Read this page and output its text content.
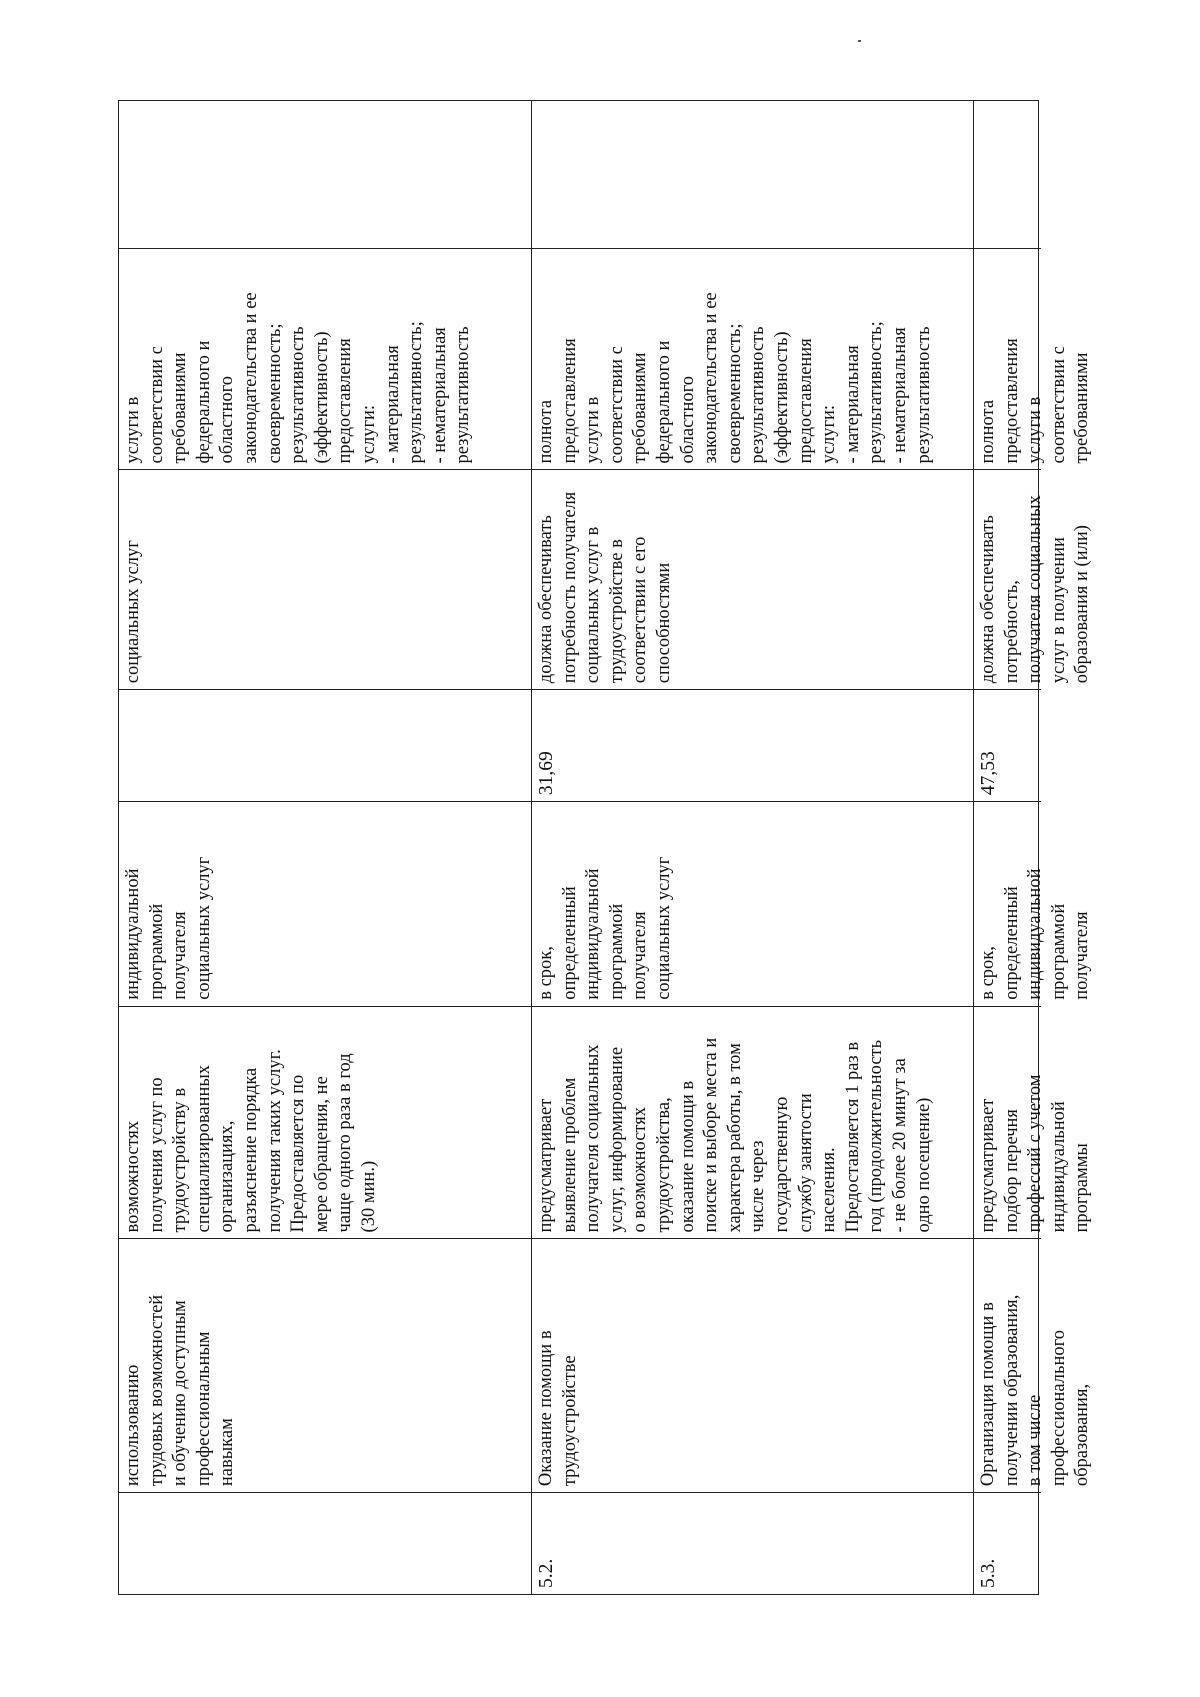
использованию
трудовых возможностей
и обучению доступным
профессиональным
навыкам
возможностях
получения услуг по
трудоустройству в
специализированных
организациях,
разъяснение порядка
получения таких услуг.
Предоставляется по
мере обращения, не
чаще одного раза в год
(30 мин.)
индивидуальной
программой
получателя
социальных услуг
социальных услуг
услуги в
соответствии с
требованиями
федерального и
областного
законодательства и ее
своевременность;
результативность
(эффективность)
предоставления
услуги:
- материальная
результативность;
- нематериальная
результативность
5.2.
Оказание помощи в
трудоустройстве
предусматривает
выявление проблем
получателя социальных
услуг, информирование
о возможностях
трудоустройства,
оказание помощи в
поиске и выборе места и
характера работы, в том
числе через
государственную
службу занятости
населения.
Предоставляется 1 раз в
год (продолжительность
- не более 20 минут за
одно посещение)
в срок,
определенный
индивидуальной
программой
получателя
социальных услуг
31,69
должна обеспечивать
потребность получателя
социальных услуг в
трудоустройстве в
соответствии с его
способностями
полнота
предоставления
услуги в
соответствии с
требованиями
федерального и
областного
законодательства и ее
своевременность;
результативность
(эффективность)
предоставления
услуги:
- материальная
результативность;
- нематериальная
результативность
5.3.
Организация помощи в
получении образования,
в том числе
профессионального
образования,
предусматривает
подбор перечня
профессий с учетом
индивидуальной
программы
в срок,
определенный
индивидуальной
программой
получателя
47,53
должна обеспечивать
потребность,
получателя социальных
услуг в получении
образования и (или)
полнота
предоставления
услуги в
соответствии с
требованиями
